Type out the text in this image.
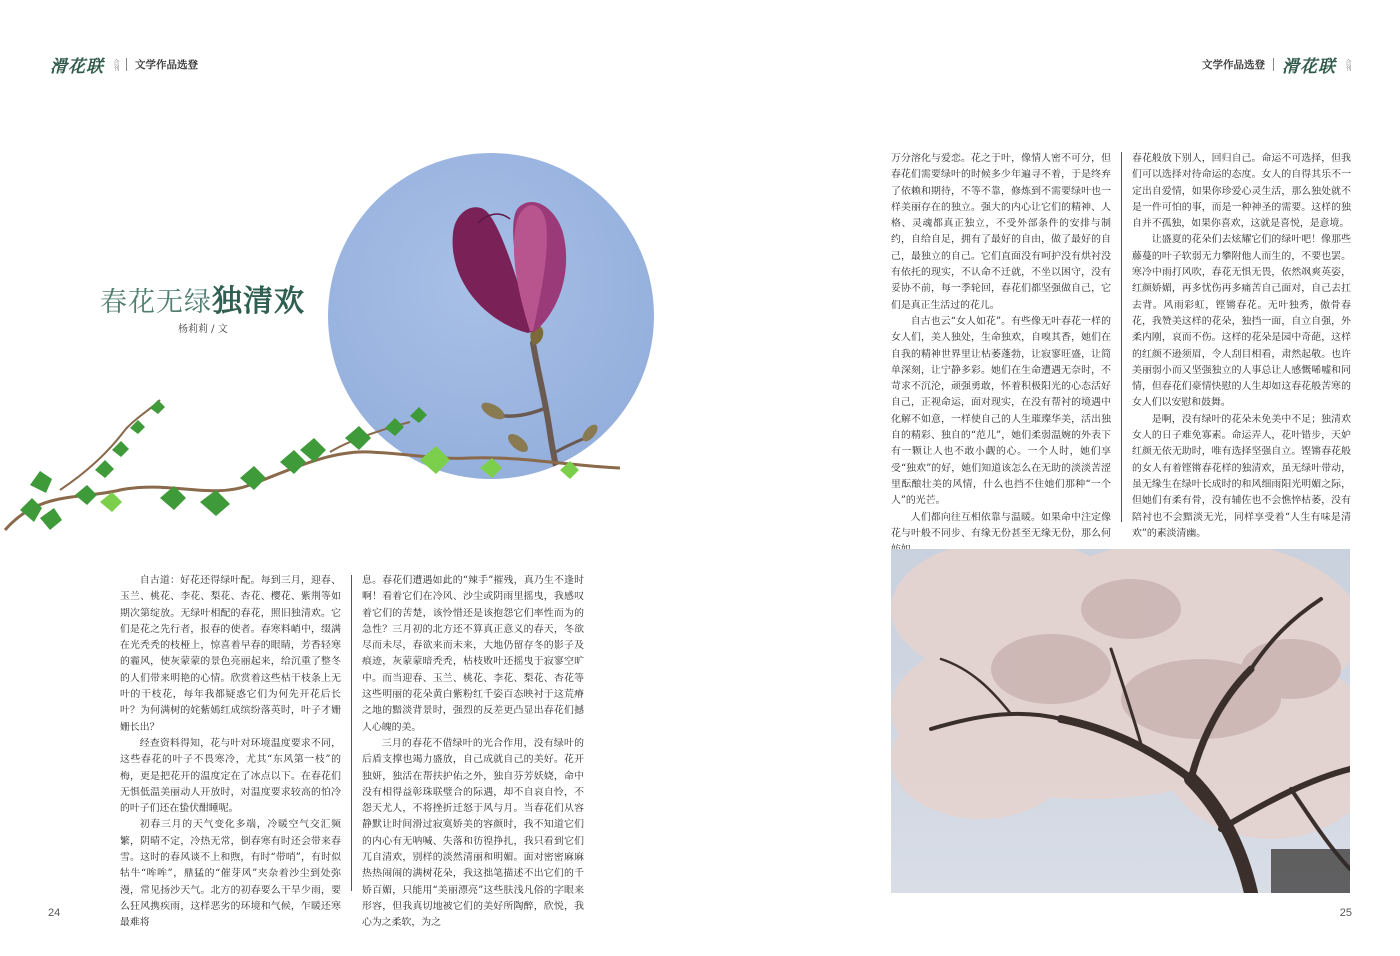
滑花联 合刊 文学作品选登	文学作品选登 滑花联 合刊
春花无绿独清欢
杨莉莉 / 文

自古道：好花还得绿叶配。每到三月，迎春、玉兰、桃花、李花、梨花、杏花、樱花、紫荆等如期次第绽放。无绿叶相配的春花，照旧独清欢。它们是花之先行者，报春的使者。春寒料峭中，缀满在光秃秃的枝桠上，惊喜着早春的眼睛，芳香轻寒的霾风，使灰蒙蒙的景色亮丽起来，给沉重了整冬的人们带来明艳的心情。欣赏着这些枯干枝条上无叶的干枝花，每年我都疑惑它们为何先开花后长叶？为何满树的姹紫嫣红成缤纷落英时，叶子才姗姗长出？

经查资料得知，花与叶对环境温度要求不同，这些春花的叶子不畏寒冷，尤其“东风第一枝”的梅，更是把花开的温度定在了冰点以下。在春花们无惧低温美丽动人开放时，对温度要求较高的怕冷的叶子们还在蛰伏酣睡呢。

初春三月的天气变化多端，冷暖空气交汇频繁，阴晴不定，冷热无常，倒春寒有时还会带来春雪。这时的春风谈不上和煦，有时“带哨”，有时似牯牛“哞哞”，鼎猛的“催芽风”夹杂着沙尘到处弥漫，常见扬沙天气。北方的初春要么干旱少雨，要么狂风携疾雨，这样恶劣的环境和气候，乍暖还寒最难将

息。春花们遭遇如此的“辣手”摧残，真乃生不逢时啊！看着它们在冷风、沙尘或阴雨里摇曳，我感叹着它们的苦楚，该怜惜还是该抱怨它们率性而为的急性？三月初的北方还不算真正意义的春天，冬欲尽而未尽，春欲来而未来，大地仍留存冬的影子及痕迹，灰蒙蒙暗秃秃，枯枝败叶还摇曳于寂寥空旷中。而当迎春、玉兰、桃花、李花、梨花、杏花等这些明丽的花朵黄白紫粉红千姿百态映衬于这荒瘠之地的黯淡背景时，强烈的反差更凸显出春花们撼人心魄的美。

三月的春花不借绿叶的光合作用，没有绿叶的后盾支撑也竭力盛放，自己成就自己的美好。花开独妍，独活在帮扶护佑之外，独自芬芳妖娆，命中没有相得益彰珠联璧合的际遇，却不自哀自怜，不怨天尤人，不将挫折迁怒于风与月。当春花们从容静默让时间滑过寂寞娇美的容颜时，我不知道它们的内心有无呐喊、失落和彷徨挣扎，我只看到它们兀自清欢，别样的淡然清丽和明媚。面对密密麻麻热热闹闹的满树花朵，我这拙笔描述不出它们的千娇百媚，只能用“美丽漂亮”这些肤浅凡俗的字眼来形容，但我真切地被它们的美好所陶醉，欣悦，我心为之柔软，为之

万分溶化与爱恋。花之于叶，像情人密不可分，但春花们需要绿叶的时候多少年遍寻不着，于是终弃了依赖和期待，不等不靠，修炼到不需要绿叶也一样美丽存在的独立。强大的内心让它们的精神、人格、灵魂都真正独立，不受外部条件的安排与制约，自给自足，拥有了最好的自由，做了最好的自己，最独立的自己。它们直面没有呵护没有烘衬没有依托的现实，不认命不迁就，不坐以困守，没有妥协不前，每一季轮回，春花们都坚强做自己，它们是真正生活过的花儿。

自古也云“女人如花”。有些像无叶春花一样的女人们，美人独处，生命独欢，自嗅其香，她们在自我的精神世界里让枯萎蓬勃，让寂寥旺盛，让简单深刻，让宁静多彩。她们在生命遭遇无奈时，不苛求不沉沦，顽强勇敢，怀着积极阳光的心态活好自己，正视命运，面对现实，在没有帮衬的境遇中化解不如意，一样使自己的人生璀璨华美，活出独自的精彩、独自的“范儿”，她们柔弱温婉的外表下有一颗让人也不敢小觑的心。一个人时，她们享受“独欢”的好，她们知道该怎么在无助的淡淡苦涩里酝酿壮美的风情，什么也挡不住她们那种“一个人”的光芒。

人们都向往互相依靠与温暖。如果命中注定像花与叶般不同步、有缘无份甚至无缘无份，那么何

春花般放下别人，回归自己。命运不可选择，但我们可以选择对待命运的态度。女人的自得其乐不一定出自爱情，如果你珍爱心灵生活，那么独处就不是一件可怕的事，而是一种神圣的需要。这样的独自并不孤独，如果你喜欢，这就是喜悦，是意境。

让盛夏的花朵们去炫耀它们的绿叶吧！像那些藤蔓的叶子软弱无力攀附他人而生的，不要也罢。寒冷中雨打风吹，春花无惧无畏，依然飒爽英姿，红颜娇媚，再多忧伤再多痛苦自己面对，自己去扛去背。风雨彩虹，铿锵春花。无叶独秀，傲骨春花，我赞美这样的花朵，独挡一面，自立自强，外柔内刚，哀而不伤。这样的花朵是园中奇葩，这样的红颜不逊须眉，令人刮目相看，肃然起敬。也许美丽弱小而又坚强独立的人事总让人感慨唏嘘和同情，但春花们豪情快慰的人生却如这春花般苦寒的女人们以安慰和鼓舞。

是啊，没有绿叶的花朵未免美中不足；独清欢女人的日子难免寡素。命运弄人，花叶错步，天妒红颜无依无助时，唯有选择坚强自立。铿锵春花般的女人有着铿锵春花样的独清欢，虽无绿叶带动，虽无缘生在绿叶长成时的和风细雨阳光明媚之际，但她们有柔有骨，没有辅佐也不会憔悴枯萎，没有陪衬也不会黯淡无光，同样享受着“人生有味是清欢”的素淡清幽。

24	25
